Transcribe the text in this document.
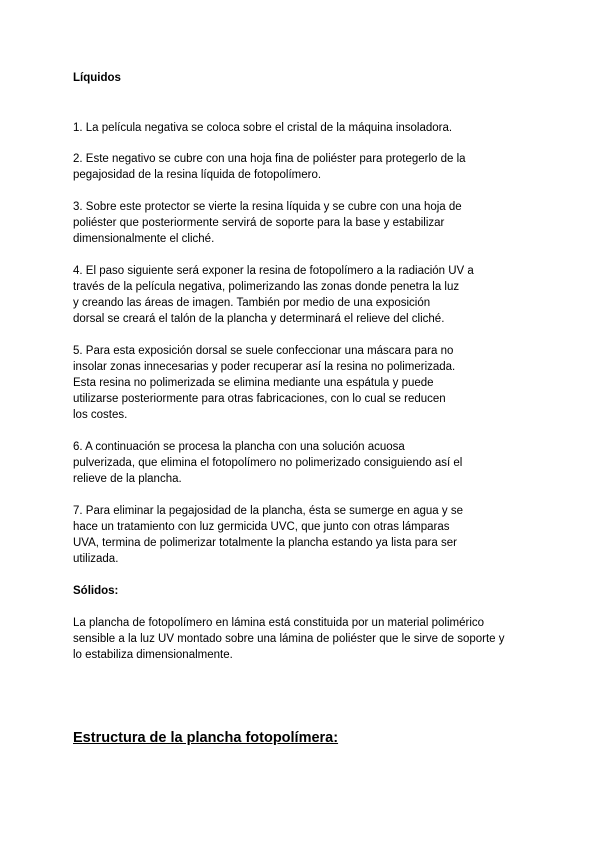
Líquidos
1. La película negativa se coloca sobre el cristal de la máquina insoladora.
2. Este negativo se cubre con una hoja fina de poliéster para protegerlo de la
pegajosidad de la resina líquida de fotopolímero.
3. Sobre este protector se vierte la resina líquida y se cubre con una hoja de
poliéster que posteriormente servirá de soporte para la base y estabilizar
dimensionalmente el cliché.
4. El paso siguiente será exponer la resina de fotopolímero a la radiación UV a
través de la película negativa, polimerizando las zonas donde penetra la luz
y creando las áreas de imagen. También por medio de una exposición
dorsal se creará el talón de la plancha y determinará el relieve del cliché.
5. Para esta exposición dorsal se suele confeccionar una máscara para no
insolar zonas innecesarias y poder recuperar así la resina no polimerizada.
Esta resina no polimerizada se elimina mediante una espátula y puede
utilizarse posteriormente para otras fabricaciones, con lo cual se reducen
los costes.
6. A continuación se procesa la plancha con una solución acuosa
pulverizada, que elimina el fotopolímero no polimerizado consiguiendo así el
relieve de la plancha.
7. Para eliminar la pegajosidad de la plancha, ésta se sumerge en agua y se
hace un tratamiento con luz germicida UVC, que junto con otras lámparas
UVA, termina de polimerizar totalmente la plancha estando ya lista para ser
utilizada.
Sólidos:
La plancha de fotopolímero en lámina está constituida por un material polimérico
sensible a la luz UV montado sobre una lámina de poliéster que le sirve de soporte y
lo estabiliza dimensionalmente.
Estructura de la plancha fotopolímera:
